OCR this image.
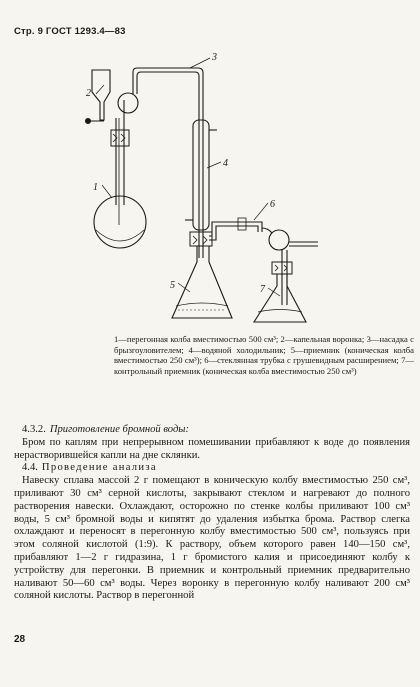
Стр. 9 ГОСТ 1293.4—83
2
1
3
4
5
6
7

1—перегонная колба вместимостью 500 см³; 2—капельная воронка; 3—насадка с брызгоуловителем; 4—водяной холодильник; 5—приемник (коническая колба вместимостью 250 см³); 6—стеклянная трубка с грушевидным расширением; 7—контрольный приемник (коническая колба вместимостью 250 см³)

4.3.2. Приготовление бромной воды:

Бром по каплям при непрерывном помешивании прибавляют к воде до появления нерастворившейся капли на дне склянки.

4.4. Проведение анализа

Навеску сплава массой 2 г помещают в коническую колбу вместимостью 250 см³, приливают 30 см³ серной кислоты, закрывают стеклом и нагревают до полного растворения навески. Охлаждают, осторожно по стенке колбы приливают 100 см³ воды, 5 см³ бромной воды и кипятят до удаления избытка брома. Раствор слегка охлаждают и переносят в перегонную колбу вместимостью 500 см³, пользуясь при этом соляной кислотой (1:9). К раствору, объем которого равен 140—150 см³, прибавляют 1—2 г гидразина, 1 г бромистого калия и присоединяют колбу к устройству для перегонки. В приемник и контрольный приемник предварительно наливают 50—60 см³ воды. Через воронку в перегонную колбу наливают 200 см³ соляной кислоты. Раствор в перегонной

28
